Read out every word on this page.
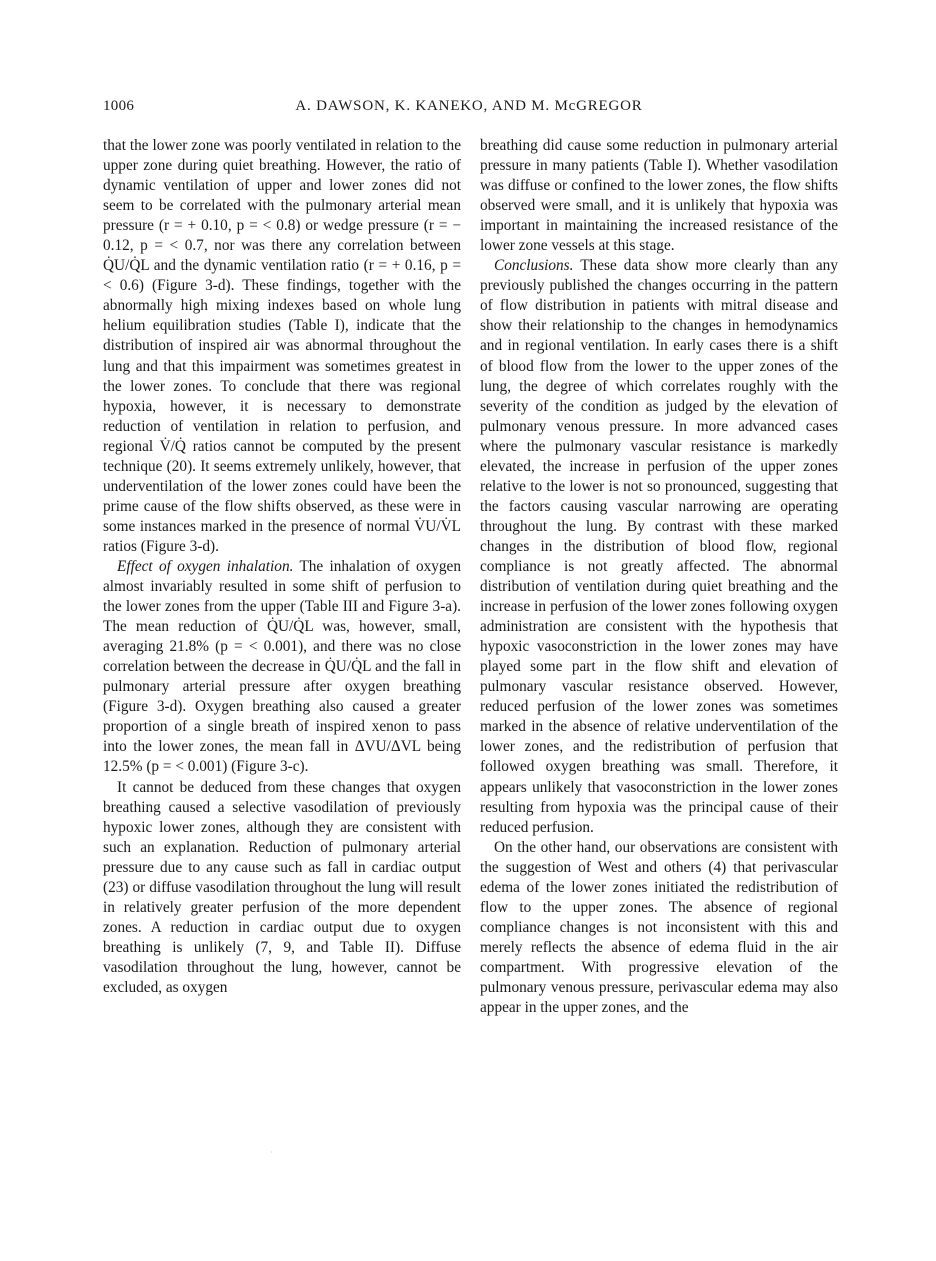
1006	A. DAWSON, K. KANEKO, AND M. McGREGOR

that the lower zone was poorly ventilated in relation to the upper zone during quiet breathing. However, the ratio of dynamic ventilation of upper and lower zones did not seem to be correlated with the pulmonary arterial mean pressure (r = + 0.10, p = < 0.8) or wedge pressure (r = − 0.12, p = < 0.7, nor was there any correlation between Q̇U/Q̇L and the dynamic ventilation ratio (r = + 0.16, p = < 0.6) (Figure 3-d). These findings, together with the abnormally high mixing indexes based on whole lung helium equilibration studies (Table I), indicate that the distribution of inspired air was abnormal throughout the lung and that this impairment was sometimes greatest in the lower zones. To conclude that there was regional hypoxia, however, it is necessary to demonstrate reduction of ventilation in relation to perfusion, and regional V̇/Q̇ ratios cannot be computed by the present technique (20). It seems extremely unlikely, however, that underventilation of the lower zones could have been the prime cause of the flow shifts observed, as these were in some instances marked in the presence of normal V̇U/V̇L ratios (Figure 3-d).

Effect of oxygen inhalation. The inhalation of oxygen almost invariably resulted in some shift of perfusion to the lower zones from the upper (Table III and Figure 3-a). The mean reduction of Q̇U/Q̇L was, however, small, averaging 21.8% (p = < 0.001), and there was no close correlation between the decrease in Q̇U/Q̇L and the fall in pulmonary arterial pressure after oxygen breathing (Figure 3-d). Oxygen breathing also caused a greater proportion of a single breath of inspired xenon to pass into the lower zones, the mean fall in ΔVU/ΔVL being 12.5% (p = < 0.001) (Figure 3-c).

It cannot be deduced from these changes that oxygen breathing caused a selective vasodilation of previously hypoxic lower zones, although they are consistent with such an explanation. Reduction of pulmonary arterial pressure due to any cause such as fall in cardiac output (23) or diffuse vasodilation throughout the lung will result in relatively greater perfusion of the more dependent zones. A reduction in cardiac output due to oxygen breathing is unlikely (7, 9, and Table II). Diffuse vasodilation throughout the lung, however, cannot be excluded, as oxygen

breathing did cause some reduction in pulmonary arterial pressure in many patients (Table I). Whether vasodilation was diffuse or confined to the lower zones, the flow shifts observed were small, and it is unlikely that hypoxia was important in maintaining the increased resistance of the lower zone vessels at this stage.

Conclusions. These data show more clearly than any previously published the changes occurring in the pattern of flow distribution in patients with mitral disease and show their relationship to the changes in hemodynamics and in regional ventilation. In early cases there is a shift of blood flow from the lower to the upper zones of the lung, the degree of which correlates roughly with the severity of the condition as judged by the elevation of pulmonary venous pressure. In more advanced cases where the pulmonary vascular resistance is markedly elevated, the increase in perfusion of the upper zones relative to the lower is not so pronounced, suggesting that the factors causing vascular narrowing are operating throughout the lung. By contrast with these marked changes in the distribution of blood flow, regional compliance is not greatly affected. The abnormal distribution of ventilation during quiet breathing and the increase in perfusion of the lower zones following oxygen administration are consistent with the hypothesis that hypoxic vasoconstriction in the lower zones may have played some part in the flow shift and elevation of pulmonary vascular resistance observed. However, reduced perfusion of the lower zones was sometimes marked in the absence of relative underventilation of the lower zones, and the redistribution of perfusion that followed oxygen breathing was small. Therefore, it appears unlikely that vasoconstriction in the lower zones resulting from hypoxia was the principal cause of their reduced perfusion.

On the other hand, our observations are consistent with the suggestion of West and others (4) that perivascular edema of the lower zones initiated the redistribution of flow to the upper zones. The absence of regional compliance changes is not inconsistent with this and merely reflects the absence of edema fluid in the air compartment. With progressive elevation of the pulmonary venous pressure, perivascular edema may also appear in the upper zones, and the

·
